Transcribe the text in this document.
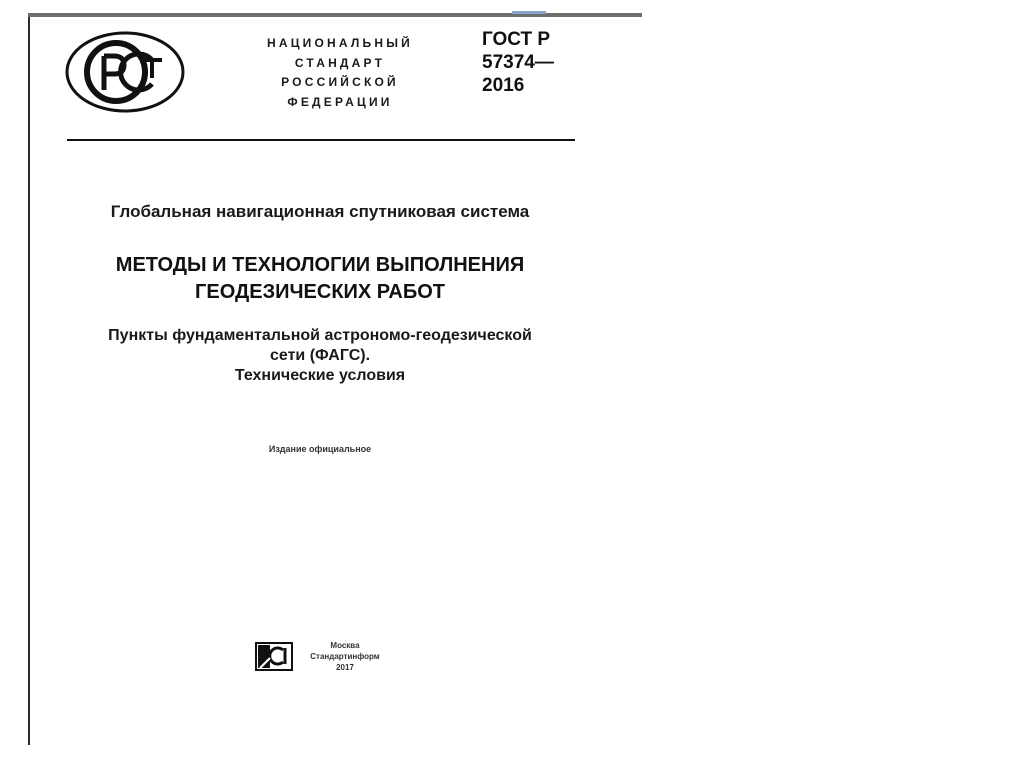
НАЦИОНАЛЬНЫЙ
СТАНДАРТ
РОССИЙСКОЙ
ФЕДЕРАЦИИ
ГОСТ Р
57374—
2016
Глобальная навигационная спутниковая система
МЕТОДЫ И ТЕХНОЛОГИИ ВЫПОЛНЕНИЯ
ГЕОДЕЗИЧЕСКИХ РАБОТ
Пункты фундаментальной астрономо-геодезической
сети (ФАГС).
Технические условия
Издание официальное
Москва
Стандартинформ
2017
